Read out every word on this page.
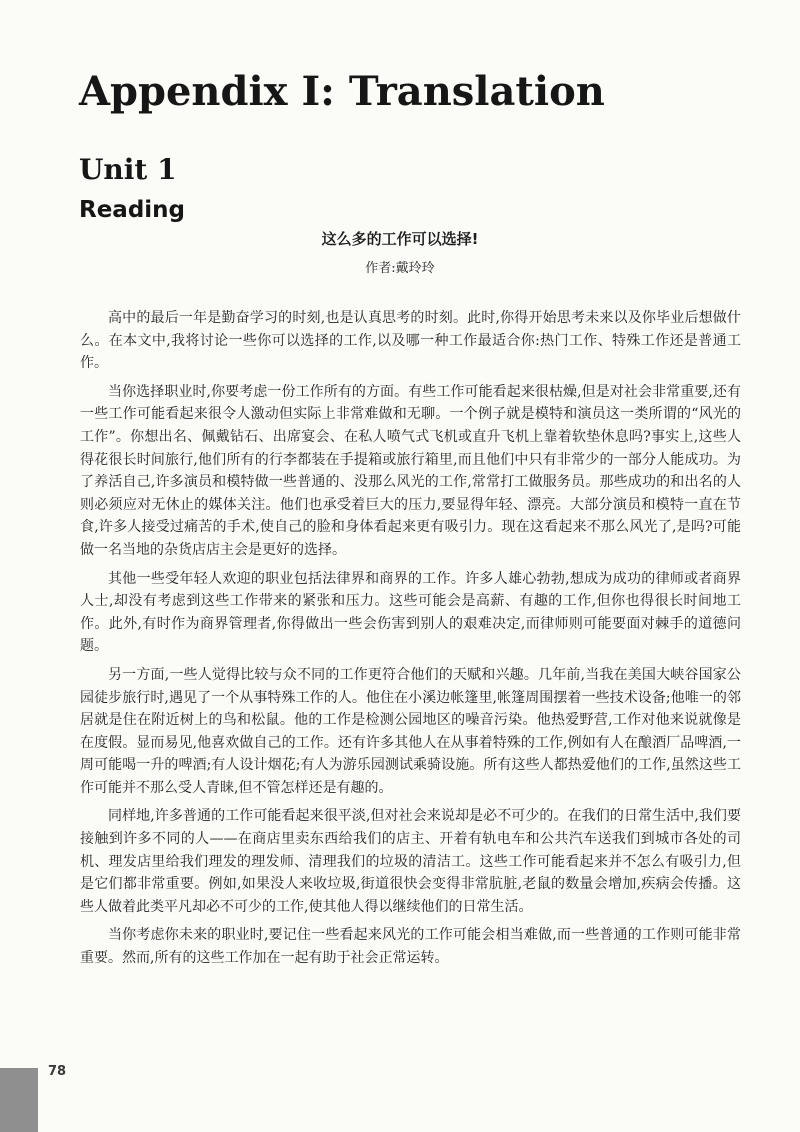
Appendix I: Translation
Unit 1
Reading
这么多的工作可以选择!
作者:戴玲玲

高中的最后一年是勤奋学习的时刻,也是认真思考的时刻。此时,你得开始思考未来以及你毕业后想做什么。在本文中,我将讨论一些你可以选择的工作,以及哪一种工作最适合你:热门工作、特殊工作还是普通工作。

当你选择职业时,你要考虑一份工作所有的方面。有些工作可能看起来很枯燥,但是对社会非常重要,还有一些工作可能看起来很令人激动但实际上非常难做和无聊。一个例子就是模特和演员这一类所谓的“风光的工作”。你想出名、佩戴钻石、出席宴会、在私人喷气式飞机或直升飞机上靠着软垫休息吗?事实上,这些人得花很长时间旅行,他们所有的行李都装在手提箱或旅行箱里,而且他们中只有非常少的一部分人能成功。为了养活自己,许多演员和模特做一些普通的、没那么风光的工作,常常打工做服务员。那些成功的和出名的人则必须应对无休止的媒体关注。他们也承受着巨大的压力,要显得年轻、漂亮。大部分演员和模特一直在节食,许多人接受过痛苦的手术,使自己的脸和身体看起来更有吸引力。现在这看起来不那么风光了,是吗?可能做一名当地的杂货店店主会是更好的选择。

其他一些受年轻人欢迎的职业包括法律界和商界的工作。许多人雄心勃勃,想成为成功的律师或者商界人士,却没有考虑到这些工作带来的紧张和压力。这些可能会是高薪、有趣的工作,但你也得很长时间地工作。此外,有时作为商界管理者,你得做出一些会伤害到别人的艰难决定,而律师则可能要面对棘手的道德问题。

另一方面,一些人觉得比较与众不同的工作更符合他们的天赋和兴趣。几年前,当我在美国大峡谷国家公园徒步旅行时,遇见了一个从事特殊工作的人。他住在小溪边帐篷里,帐篷周围摆着一些技术设备;他唯一的邻居就是住在附近树上的鸟和松鼠。他的工作是检测公园地区的噪音污染。他热爱野营,工作对他来说就像是在度假。显而易见,他喜欢做自己的工作。还有许多其他人在从事着特殊的工作,例如有人在酿酒厂品啤酒,一周可能喝一升的啤酒;有人设计烟花;有人为游乐园测试乘骑设施。所有这些人都热爱他们的工作,虽然这些工作可能并不那么受人青睐,但不管怎样还是有趣的。

同样地,许多普通的工作可能看起来很平淡,但对社会来说却是必不可少的。在我们的日常生活中,我们要接触到许多不同的人——在商店里卖东西给我们的店主、开着有轨电车和公共汽车送我们到城市各处的司机、理发店里给我们理发的理发师、清理我们的垃圾的清洁工。这些工作可能看起来并不怎么有吸引力,但是它们都非常重要。例如,如果没人来收垃圾,街道很快会变得非常肮脏,老鼠的数量会增加,疾病会传播。这些人做着此类平凡却必不可少的工作,使其他人得以继续他们的日常生活。

当你考虑你未来的职业时,要记住一些看起来风光的工作可能会相当难做,而一些普通的工作则可能非常重要。然而,所有的这些工作加在一起有助于社会正常运转。

78
